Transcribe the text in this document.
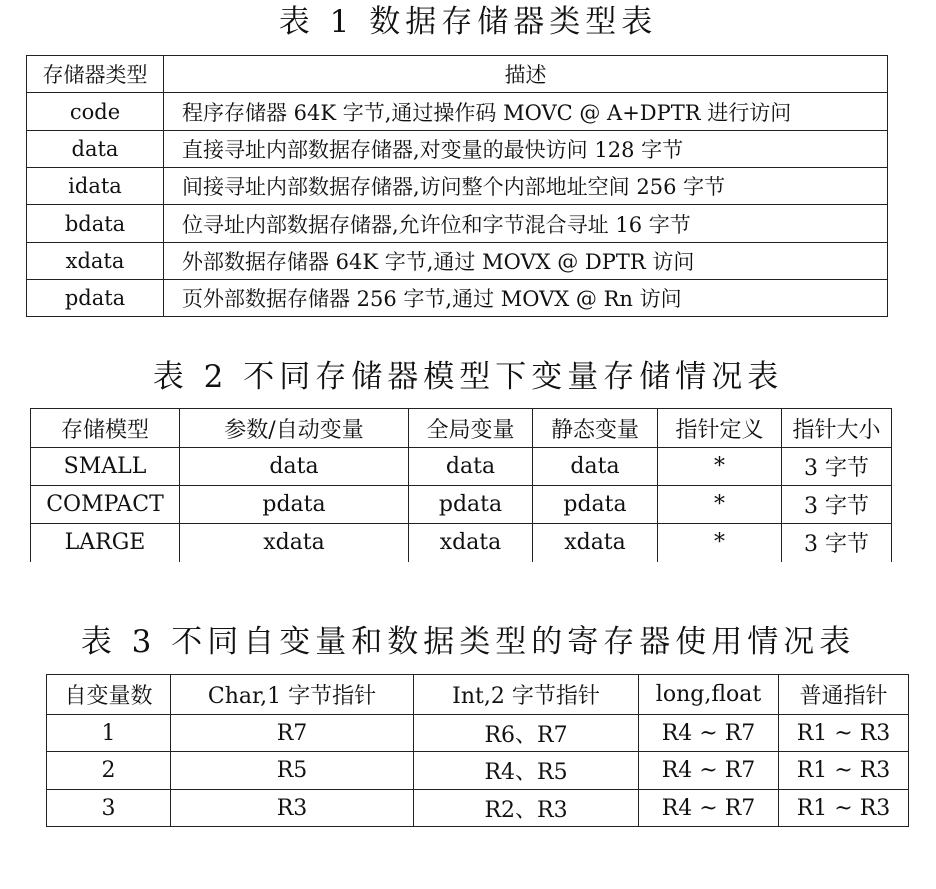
表 1 数据存储器类型表
存储器类型	描述
code	程序存储器 64K 字节,通过操作码 MOVC @ A+DPTR 进行访问
data	直接寻址内部数据存储器,对变量的最快访问 128 字节
idata	间接寻址内部数据存储器,访问整个内部地址空间 256 字节
bdata	位寻址内部数据存储器,允许位和字节混合寻址 16 字节
xdata	外部数据存储器 64K 字节,通过 MOVX @ DPTR 访问
pdata	页外部数据存储器 256 字节,通过 MOVX @ Rn 访问
表 2 不同存储器模型下变量存储情况表
存储模型	参数/自动变量	全局变量	静态变量	指针定义	指针大小
SMALL	data	data	data	*	3 字节
COMPACT	pdata	pdata	pdata	*	3 字节
LARGE	xdata	xdata	xdata	*	3 字节
表 3 不同自变量和数据类型的寄存器使用情况表
自变量数	Char,1 字节指针	Int,2 字节指针	long,float	普通指针
1	R7	R6、R7	R4 ~ R7	R1 ~ R3
2	R5	R4、R5	R4 ~ R7	R1 ~ R3
3	R3	R2、R3	R4 ~ R7	R1 ~ R3
